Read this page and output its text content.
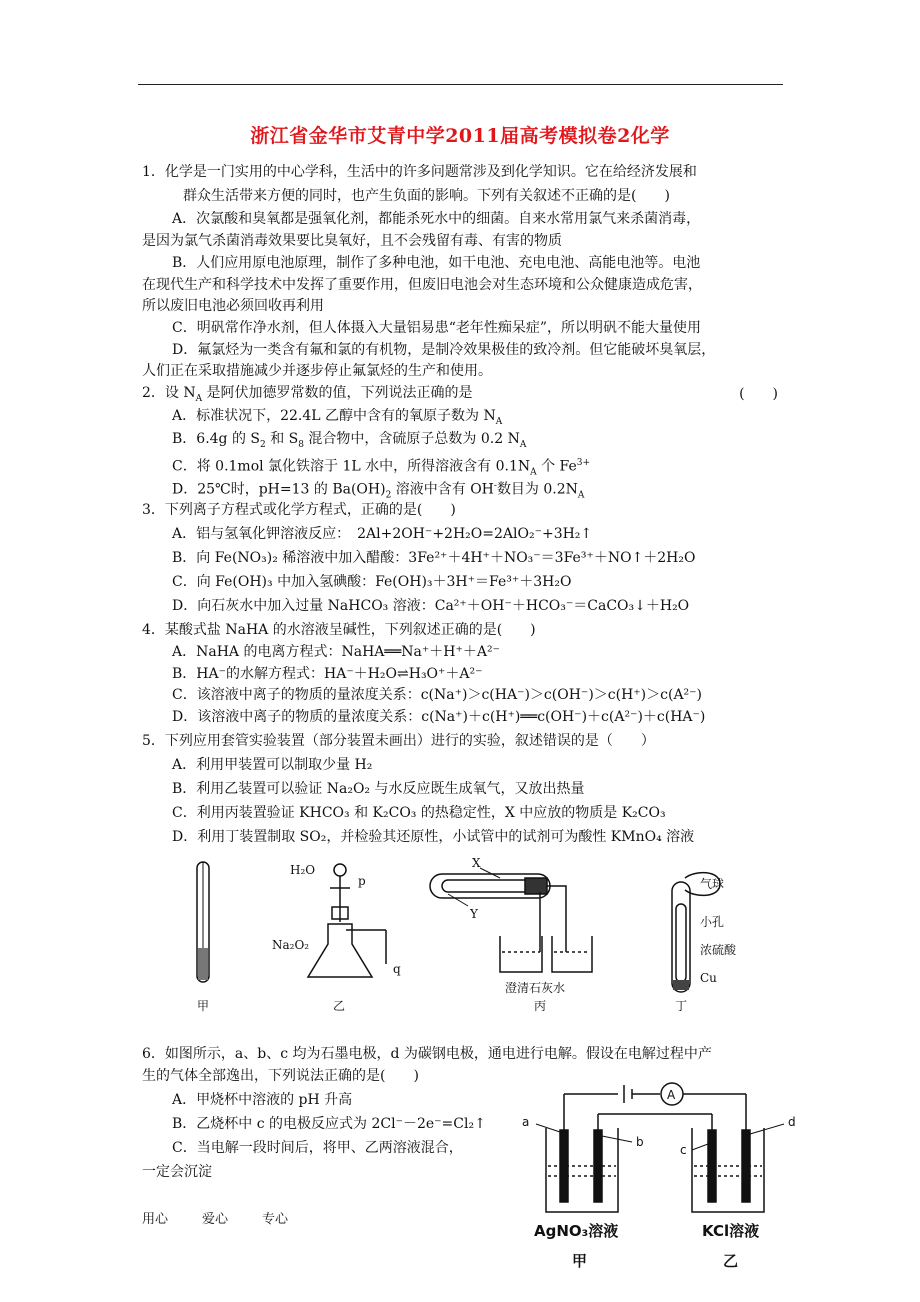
浙江省金华市艾青中学2011届高考模拟卷2化学
1．化学是一门实用的中心学科，生活中的许多问题常涉及到化学知识。它在给经济发展和
群众生活带来方便的同时，也产生负面的影响。下列有关叙述不正确的是(　　)
A．次氯酸和臭氧都是强氧化剂，都能杀死水中的细菌。自来水常用氯气来杀菌消毒，
是因为氯气杀菌消毒效果要比臭氧好，且不会残留有毒、有害的物质
B．人们应用原电池原理，制作了多种电池，如干电池、充电电池、高能电池等。电池
在现代生产和科学技术中发挥了重要作用，但废旧电池会对生态环境和公众健康造成危害，
所以废旧电池必须回收再利用
C．明矾常作净水剂，但人体摄入大量铝易患“老年性痴呆症”，所以明矾不能大量使用
D．氟氯烃为一类含有氟和氯的有机物，是制冷效果极佳的致冷剂。但它能破坏臭氧层，
人们正在采取措施减少并逐步停止氟氯烃的生产和使用。
2．设 $N_A$ 是阿伏加德罗常数的值，下列说法正确的是	(　　)
A．标准状况下，22.4L 乙醇中含有的氧原子数为 $N_A$
B．6.4g 的 $S_2$ 和 $S_8$ 混合物中，含硫原子总数为 0.2 $N_A$
C．将 0.1mol 氯化铁溶于 1L 水中，所得溶液含有 $0.1N_A$ 个 $Fe^{3+}$
D．25℃时，pH=13 的 $Ba(OH)_2$ 溶液中含有 OH-数目为 $0.2N_A$
3．下列离子方程式或化学方程式，正确的是(　　)
A．铝与氢氧化钾溶液反应：　2Al+2OH⁻+2H₂O=2AlO₂⁻+3H₂↑
B．向 Fe(NO₃)₂ 稀溶液中加入醋酸：3Fe²⁺＋4H⁺＋NO₃⁻＝3Fe³⁺＋NO↑＋2H₂O
C．向 Fe(OH)₃ 中加入氢碘酸：Fe(OH)₃＋3H⁺＝Fe³⁺＋3H₂O
D．向石灰水中加入过量 NaHCO₃ 溶液：Ca²⁺＋OH⁻＋HCO₃⁻＝CaCO₃↓＋H₂O
4．某酸式盐 NaHA 的水溶液呈碱性，下列叙述正确的是(　　)
A．NaHA 的电离方程式：NaHA══Na⁺＋H⁺＋A²⁻
B．HA⁻的水解方程式：HA⁻＋H₂O⇌H₃O⁺＋A²⁻
C．该溶液中离子的物质的量浓度关系：c(Na⁺)＞c(HA⁻)＞c(OH⁻)＞c(H⁺)＞c(A²⁻)
D．该溶液中离子的物质的量浓度关系：c(Na⁺)＋c(H⁺)══c(OH⁻)＋c(A²⁻)＋c(HA⁻)
5．下列应用套管实验装置（部分装置未画出）进行的实验，叙述错误的是（　　）
A．利用甲装置可以制取少量 H₂
B．利用乙装置可以验证 Na₂O₂ 与水反应既生成氧气，又放出热量
C．利用丙装置验证 KHCO₃ 和 K₂CO₃ 的热稳定性，X 中应放的物质是 K₂CO₃
D．利用丁装置制取 SO₂，并检验其还原性，小试管中的试剂可为酸性 KMnO₄ 溶液
甲
H₂O
p
q
Na₂O₂
乙
X
Y
澄清石灰水
丙
气球
小孔
浓硫酸
Cu
丁
6．如图所示，a、b、c 均为石墨电极，d 为碳钢电极，通电进行电解。假设在电解过程中产
生的气体全部逸出，下列说法正确的是(　　)
A．甲烧杯中溶液的 pH 升高
B．乙烧杯中 c 的电极反应式为 2Cl⁻－2e⁻=Cl₂↑
C．当电解一段时间后，将甲、乙两溶液混合，
一定会沉淀
A
a
b
c
d
AgNO₃溶液	KCl溶液
甲	乙
用心	爱心	专心
